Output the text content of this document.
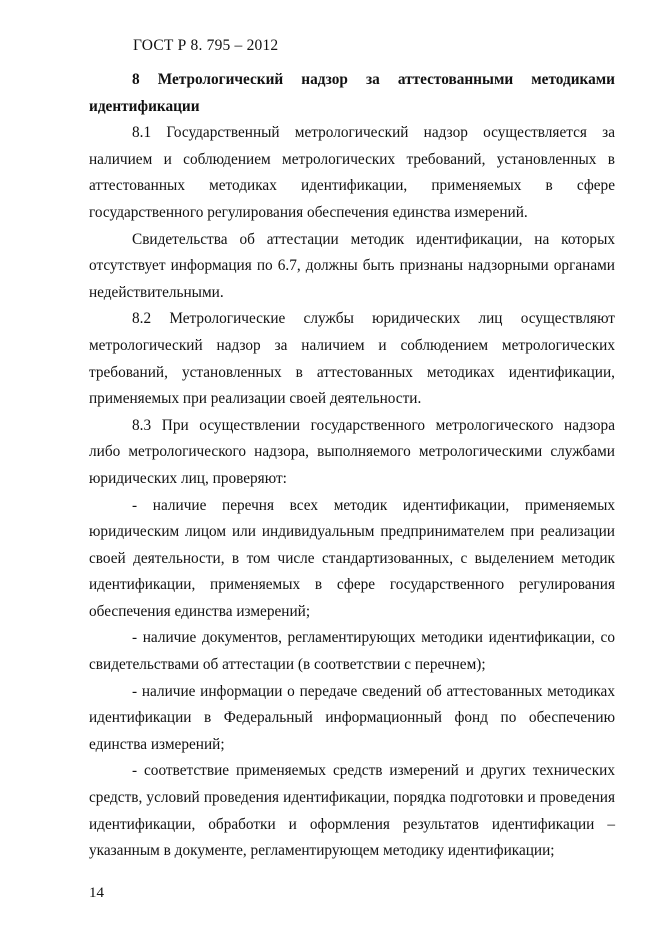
ГОСТ Р 8. 795 – 2012

8 Метрологический надзор за аттестованными методиками идентификации

8.1 Государственный метрологический надзор осуществляется за наличием и соблюдением метрологических требований, установленных в аттестованных методиках идентификации, применяемых в сфере государственного регулирования обеспечения единства измерений.

Свидетельства об аттестации методик идентификации, на которых отсутствует информация по 6.7, должны быть признаны надзорными органами недействительными.

8.2 Метрологические службы юридических лиц осуществляют метрологический надзор за наличием и соблюдением метрологических требований, установленных в аттестованных методиках идентификации, применяемых при реализации своей деятельности.

8.3 При осуществлении государственного метрологического надзора либо метрологического надзора, выполняемого метрологическими службами юридических лиц, проверяют:

- наличие перечня всех методик идентификации, применяемых юридическим лицом или индивидуальным предпринимателем при реализации своей деятельности, в том числе стандартизованных, с выделением методик идентификации, применяемых в сфере государственного регулирования обеспечения единства измерений;

- наличие документов, регламентирующих методики идентификации, со свидетельствами об аттестации (в соответствии с перечнем);

- наличие информации о передаче сведений об аттестованных методиках идентификации в Федеральный информационный фонд по обеспечению единства измерений;

- соответствие применяемых средств измерений и других технических средств, условий проведения идентификации, порядка подготовки и проведения идентификации, обработки и оформления результатов идентификации – указанным в документе, регламентирующем методику идентификации;

14
